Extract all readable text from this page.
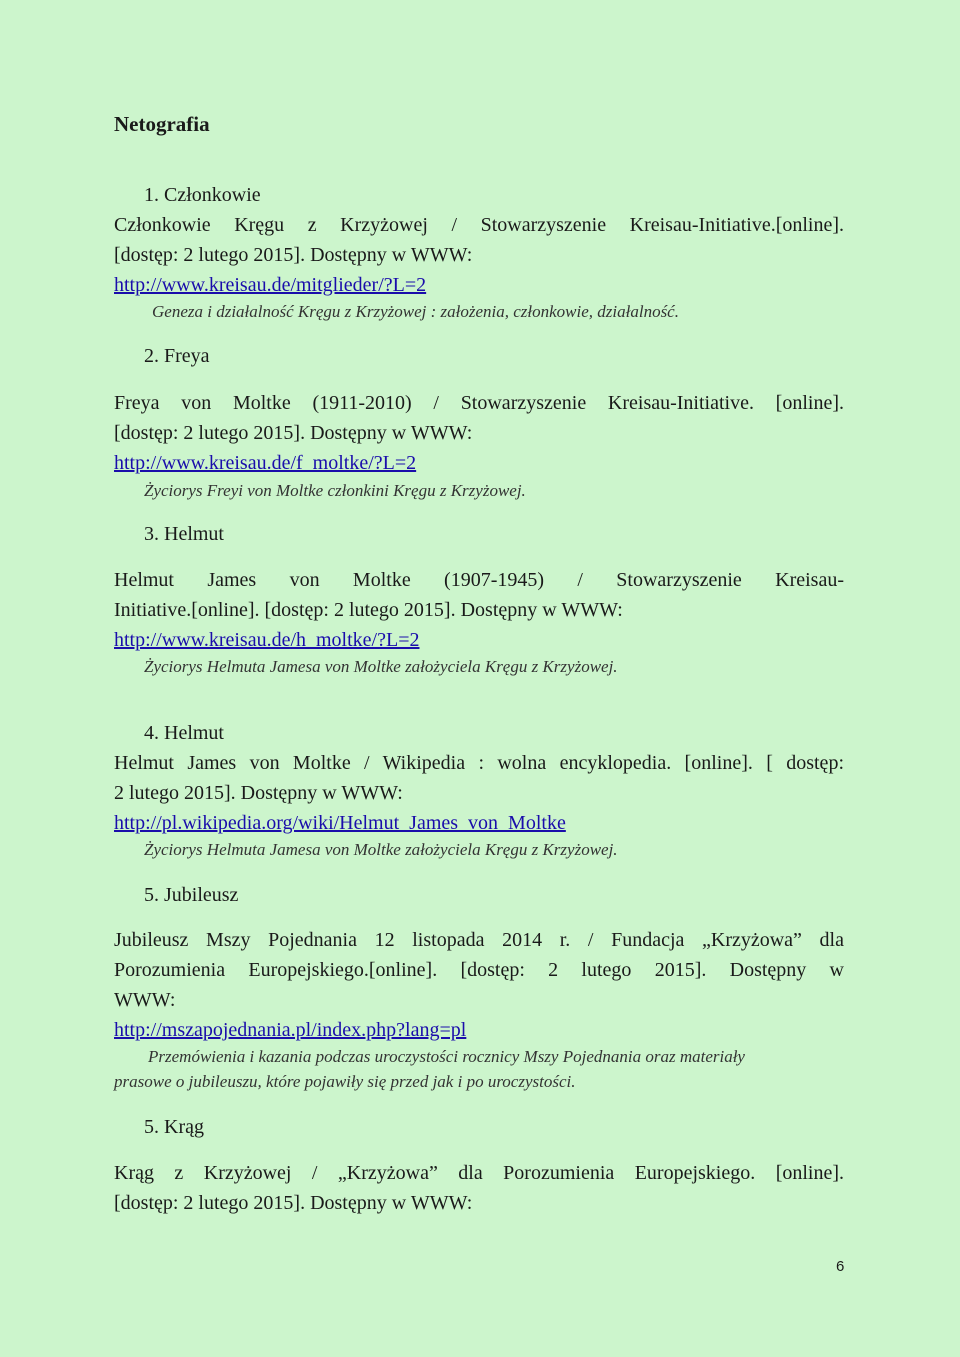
Netografia
1. Członkowie
Członkowie Kręgu z Krzyżowej / Stowarzyszenie Kreisau-Initiative.[online].
[dostęp: 2 lutego 2015]. Dostępny w WWW:
http://www.kreisau.de/mitglieder/?L=2
Geneza i działalność Kręgu z Krzyżowej : założenia, członkowie, działalność.
2. Freya
Freya von Moltke (1911-2010) / Stowarzyszenie Kreisau-Initiative. [online].
[dostęp: 2 lutego 2015]. Dostępny w WWW:
http://www.kreisau.de/f_moltke/?L=2
Życiorys Freyi von Moltke członkini Kręgu z Krzyżowej.
3. Helmut
Helmut James von Moltke (1907-1945) / Stowarzyszenie Kreisau-
Initiative.[online]. [dostęp: 2 lutego 2015]. Dostępny w WWW:
http://www.kreisau.de/h_moltke/?L=2
Życiorys Helmuta Jamesa von Moltke założyciela Kręgu z Krzyżowej.
4. Helmut
Helmut James von Moltke / Wikipedia : wolna encyklopedia. [online]. [ dostęp:
2 lutego 2015]. Dostępny w WWW:
http://pl.wikipedia.org/wiki/Helmut_James_von_Moltke
Życiorys Helmuta Jamesa von Moltke założyciela Kręgu z Krzyżowej.
5. Jubileusz
Jubileusz Mszy Pojednania 12 listopada 2014 r. / Fundacja „Krzyżowa” dla
Porozumienia Europejskiego.[online]. [dostęp: 2 lutego 2015]. Dostępny w
WWW:
http://mszapojednania.pl/index.php?lang=pl
Przemówienia i kazania podczas uroczystości rocznicy Mszy Pojednania oraz materiały
prasowe o jubileuszu, które pojawiły się przed jak i po uroczystości.
5. Krąg
Krąg z Krzyżowej / „Krzyżowa” dla Porozumienia Europejskiego. [online].
[dostęp: 2 lutego 2015]. Dostępny w WWW:
6
